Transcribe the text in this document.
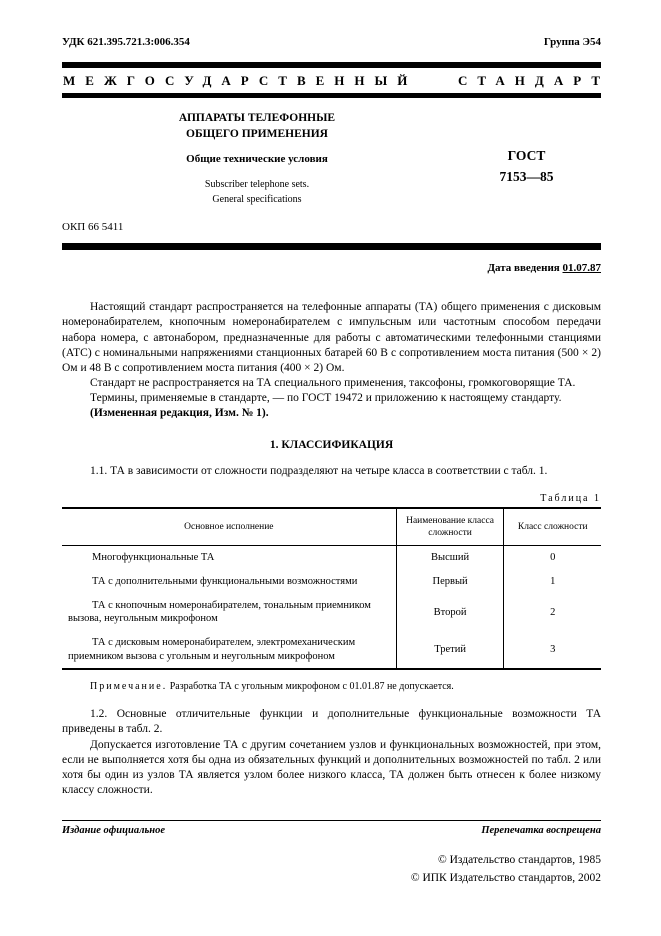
УДК 621.395.721.3:006.354	Группа Э54
МЕЖГОСУДАРСТВЕННЫЙ	СТАНДАРТ
АППАРАТЫ ТЕЛЕФОННЫЕ
ОБЩЕГО ПРИМЕНЕНИЯ
Общие технические условия
Subscriber telephone sets.
General specifications
ГОСТ
7153—85
ОКП 66 5411
Дата введения 01.07.87

Настоящий стандарт распространяется на телефонные аппараты (ТА) общего применения с дисковым номеронабирателем, кнопочным номеронабирателем с импульсным или частотным способом передачи набора номера, с автонабором, предназначенные для работы с автоматическими телефонными станциями (АТС) с номинальными напряжениями станционных батарей 60 В с сопротивлением моста питания (500 × 2) Ом и 48 В с сопротивлением моста питания (400 × 2) Ом.

Стандарт не распространяется на ТА специального применения, таксофоны, громкоговорящие ТА.

Термины, применяемые в стандарте, — по ГОСТ 19472 и приложению к настоящему стандарту.

(Измененная редакция, Изм. № 1).

1. КЛАССИФИКАЦИЯ

1.1. ТА в зависимости от сложности подразделяют на четыре класса в соответствии с табл. 1.

Таблица 1
Основное исполнение	Наименование класса сложности	Класс сложности
Многофункциональные ТА	Высший	0
ТА с дополнительными функциональными возможностями	Первый	1
ТА с кнопочным номеронабирателем, тональным приемником вызова, неугольным микрофоном	Второй	2
ТА с дисковым номеронабирателем, электромеханическим приемником вызова с угольным и неугольным микрофоном	Третий	3
Примечание. Разработка ТА с угольным микрофоном с 01.01.87 не допускается.

1.2. Основные отличительные функции и дополнительные функциональные возможности ТА приведены в табл. 2.

Допускается изготовление ТА с другим сочетанием узлов и функциональных возможностей, при этом, если не выполняется хотя бы одна из обязательных функций и дополнительных возможностей по табл. 2 или хотя бы один из узлов ТА является узлом более низкого класса, ТА должен быть отнесен к более низкому классу сложности.

Издание официальное	Перепечатка воспрещена
© Издательство стандартов, 1985
© ИПК Издательство стандартов, 2002
